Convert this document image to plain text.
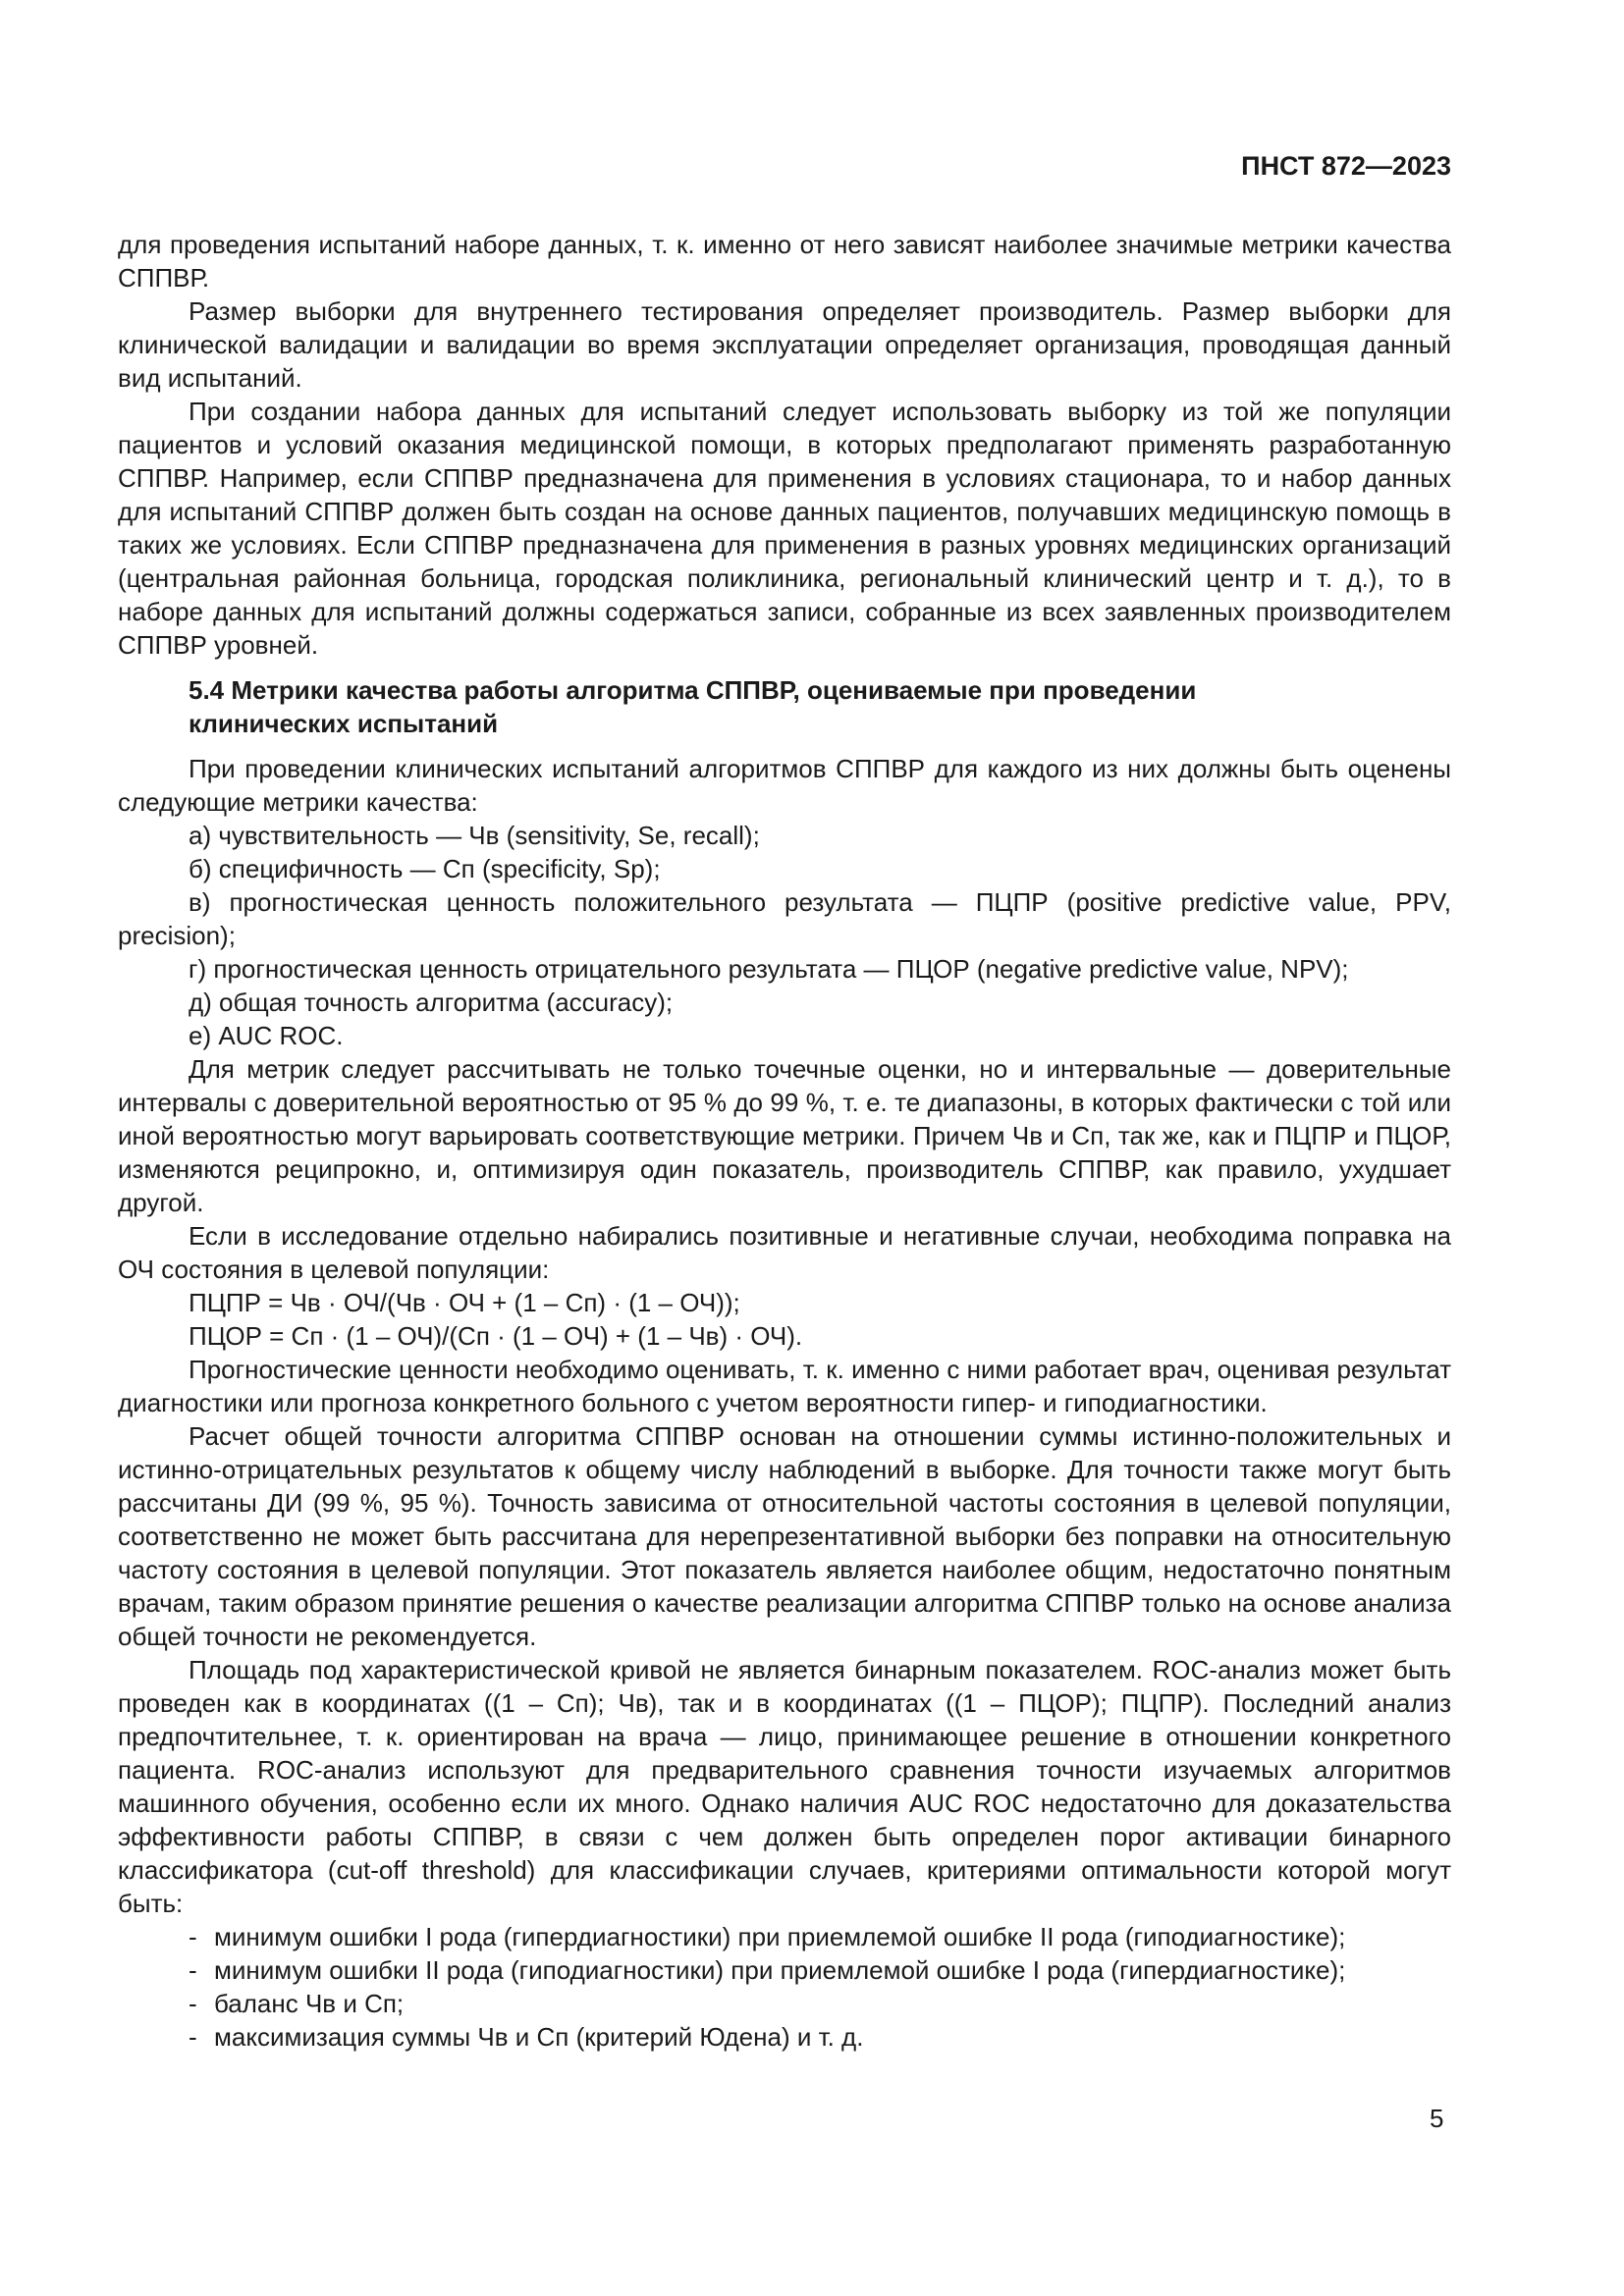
ПНСТ 872—2023

для проведения испытаний наборе данных, т. к. именно от него зависят наиболее значимые метрики качества СППВР.

Размер выборки для внутреннего тестирования определяет производитель. Размер выборки для клинической валидации и валидации во время эксплуатации определяет организация, проводящая данный вид испытаний.

При создании набора данных для испытаний следует использовать выборку из той же популяции пациентов и условий оказания медицинской помощи, в которых предполагают применять разработанную СППВР. Например, если СППВР предназначена для применения в условиях стационара, то и набор данных для испытаний СППВР должен быть создан на основе данных пациентов, получавших медицинскую помощь в таких же условиях. Если СППВР предназначена для применения в разных уровнях медицинских организаций (центральная районная больница, городская поликлиника, региональный клинический центр и т. д.), то в наборе данных для испытаний должны содержаться записи, собранные из всех заявленных производителем СППВР уровней.

5.4 Метрики качества работы алгоритма СППВР, оцениваемые при проведении
клинических испытаний

При проведении клинических испытаний алгоритмов СППВР для каждого из них должны быть оценены следующие метрики качества:

а) чувствительность — Чв (sensitivity, Se, recall);

б) специфичность — Сп (specificity, Sp);

в) прогностическая ценность положительного результата — ПЦПР (positive predictive value, PPV, precision);

г) прогностическая ценность отрицательного результата — ПЦОР (negative predictive value, NPV);

д) общая точность алгоритма (accuracy);

е) AUC ROC.

Для метрик следует рассчитывать не только точечные оценки, но и интервальные — доверительные интервалы с доверительной вероятностью от 95 % до 99 %, т. е. те диапазоны, в которых фактически с той или иной вероятностью могут варьировать соответствующие метрики. Причем Чв и Сп, так же, как и ПЦПР и ПЦОР, изменяются реципрокно, и, оптимизируя один показатель, производитель СППВР, как правило, ухудшает другой.

Если в исследование отдельно набирались позитивные и негативные случаи, необходима поправка на ОЧ состояния в целевой популяции:

ПЦПР = Чв · ОЧ/(Чв · ОЧ + (1 – Сп) · (1 – ОЧ));

ПЦОР = Сп · (1 – ОЧ)/(Сп · (1 – ОЧ) + (1 – Чв) · ОЧ).

Прогностические ценности необходимо оценивать, т. к. именно с ними работает врач, оценивая результат диагностики или прогноза конкретного больного с учетом вероятности гипер- и гиподиагностики.

Расчет общей точности алгоритма СППВР основан на отношении суммы истинно-положительных и истинно-отрицательных результатов к общему числу наблюдений в выборке. Для точности также могут быть рассчитаны ДИ (99 %, 95 %). Точность зависима от относительной частоты состояния в целевой популяции, соответственно не может быть рассчитана для нерепрезентативной выборки без поправки на относительную частоту состояния в целевой популяции. Этот показатель является наиболее общим, недостаточно понятным врачам, таким образом принятие решения о качестве реализации алгоритма СППВР только на основе анализа общей точности не рекомендуется.

Площадь под характеристической кривой не является бинарным показателем. ROC-анализ может быть проведен как в координатах ((1 – Сп); Чв), так и в координатах ((1 – ПЦОР); ПЦПР). Последний анализ предпочтительнее, т. к. ориентирован на врача — лицо, принимающее решение в отношении конкретного пациента. ROC-анализ используют для предварительного сравнения точности изучаемых алгоритмов машинного обучения, особенно если их много. Однако наличия AUC ROC недостаточно для доказательства эффективности работы СППВР, в связи с чем должен быть определен порог активации бинарного классификатора (cut-off threshold) для классификации случаев, критериями оптимальности которой могут быть:

- минимум ошибки I рода (гипердиагностики) при приемлемой ошибке II рода (гиподиагностике);

- минимум ошибки II рода (гиподиагностики) при приемлемой ошибке I рода (гипердиагностике);

- баланс Чв и Сп;

- максимизация суммы Чв и Сп (критерий Юдена) и т. д.

5
